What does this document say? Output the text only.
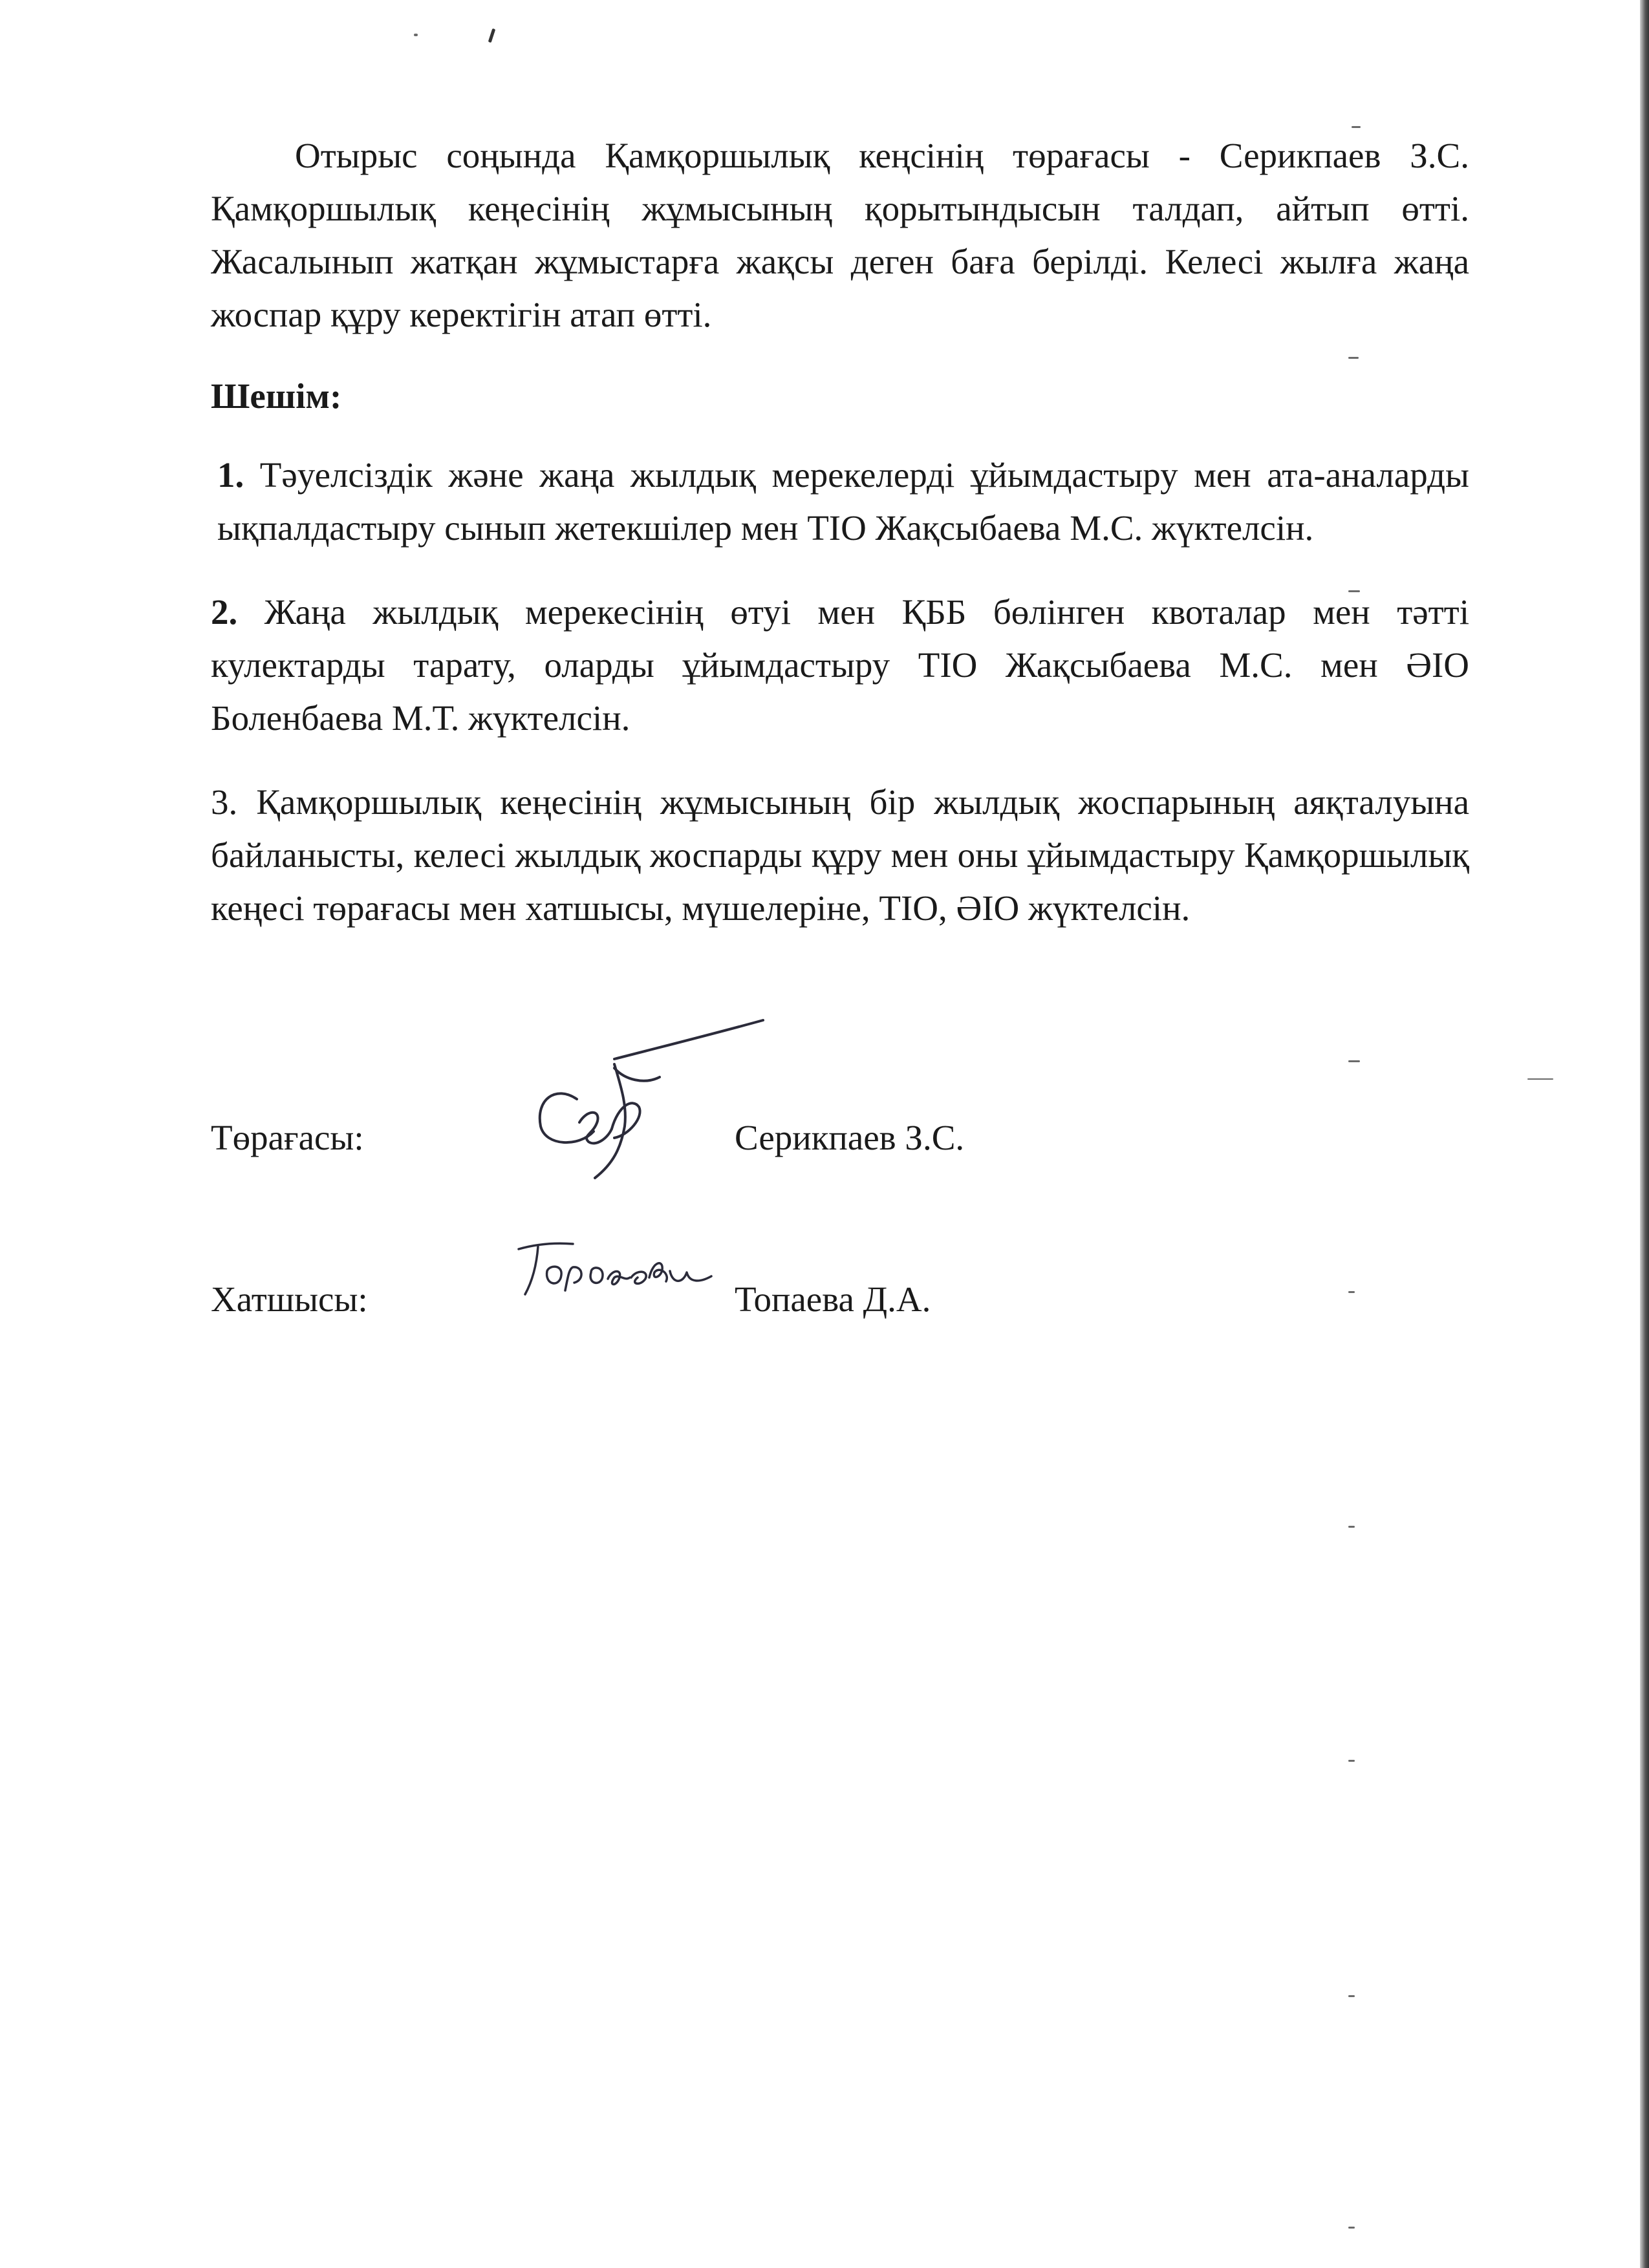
Отырыс соңында Қамқоршылық кеңсінің төрағасы - Серикпаев З.С. Қамқоршылық кеңесінің жұмысының қорытындысын талдап, айтып өтті. Жасалынып жатқан жұмыстарға жақсы деген баға берілді. Келесі жылға жаңа жоспар құру керектігін атап өтті.

Шешім:

1. Тәуелсіздік және жаңа жылдық мерекелерді ұйымдастыру мен ата-аналарды ықпалдастыру сынып жетекшілер мен ТІО Жақсыбаева М.С. жүктелсін.

2. Жаңа жылдық мерекесінің өтуі мен ҚББ бөлінген квоталар мен тәтті кулектарды тарату, оларды ұйымдастыру ТІО Жақсыбаева М.С. мен ӘІО Боленбаева М.Т. жүктелсін.

3. Қамқоршылық кеңесінің жұмысының бір жылдық жоспарының аяқталуына байланысты, келесі жылдық жоспарды құру мен оны ұйымдастыру Қамқоршылық кеңесі төрағасы мен хатшысы, мүшелеріне, ТІО, ӘІО жүктелсін.

Төрағасы:	Серикпаев З.С.
Хатшысы:	Топаева Д.А.
